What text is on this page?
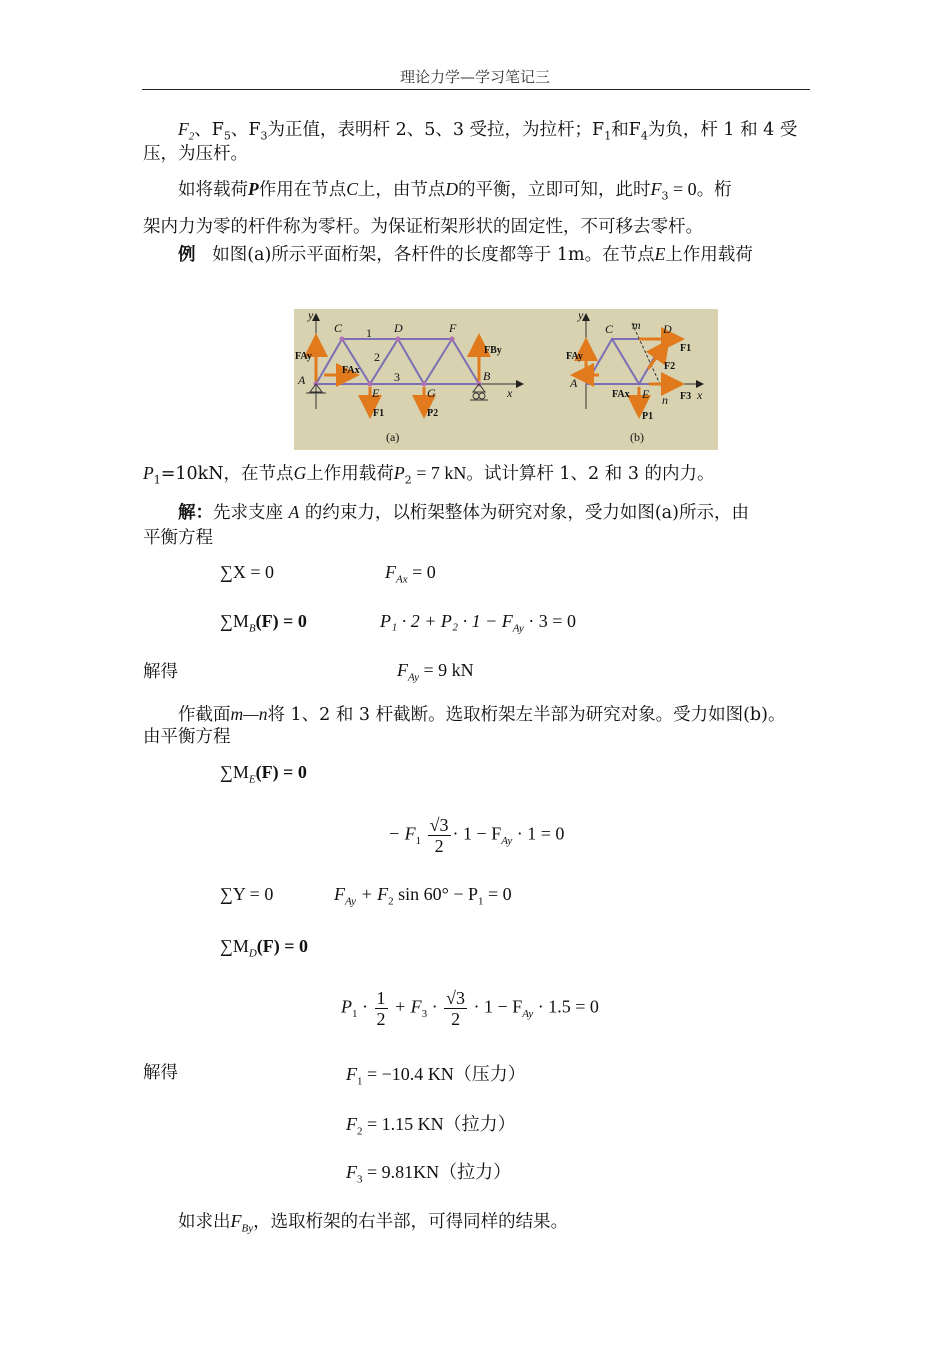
理论力学—学习笔记三
$F_2$、$F_5$、$F_3$为正值，表明杆 2、5、3 受拉，为拉杆；$F_1$和$F_4$为负，杆 1 和 4 受
压，为压杆。
如将载荷P作用在节点C上，由节点D的平衡，立即可知，此时$F_3 = 0$。桁
架内力为零的杆件称为零杆。为保证桁架形状的固定性，不可移去零杆。
例 如图(a)所示平面桁架，各杆件的长度都等于 1m。在节点E上作用载荷
y
x
A	B
C	D	F
E	G
1
2
3
FAy
FAx
FBy
F1	P2
(a)
y
x
A
C	D
E
m
n
FAy
FAx
F1
F2
F3
P1
(b)
$P_1=10kN$，在节点G上作用载荷$P_2 = 7$ kN。试计算杆 1、2 和 3 的内力。
解：先求支座 A 的约束力，以桁架整体为研究对象，受力如图(a)所示，由
平衡方程
∑X = 0	$F_{Ax} = 0$
$\sum M_B(F) = 0$	$P_1 \cdot 2 + P_2 \cdot 1 - F_{Ay} \cdot 3 = 0$
解得	$F_{Ay} = 9$ kN
作截面m—n将 1、2 和 3 杆截断。选取桁架左半部为研究对象。受力如图(b)。
由平衡方程
$\sum M_E(F) = 0$
− $F_1 \frac{√3}{2} \cdot 1 - F_{Ay} \cdot 1 = 0$
∑Y = 0	$F_{Ay} + F_2$ $\sin 60^\circ - P_1 = 0$
$\sum M_D(F) = 0$
$P_1 \cdot \frac{1}{2} + F_3 \cdot \frac{√3}{2} \cdot 1 - F_{Ay} \cdot 1.5 = 0$
解得	$F_1 = -10.4$ KN（压力）
$F_2 = 1.15$ KN（拉力）
$F_3 = 9.81KN$（拉力）
如求出$F_{By}$，选取桁架的右半部，可得同样的结果。
